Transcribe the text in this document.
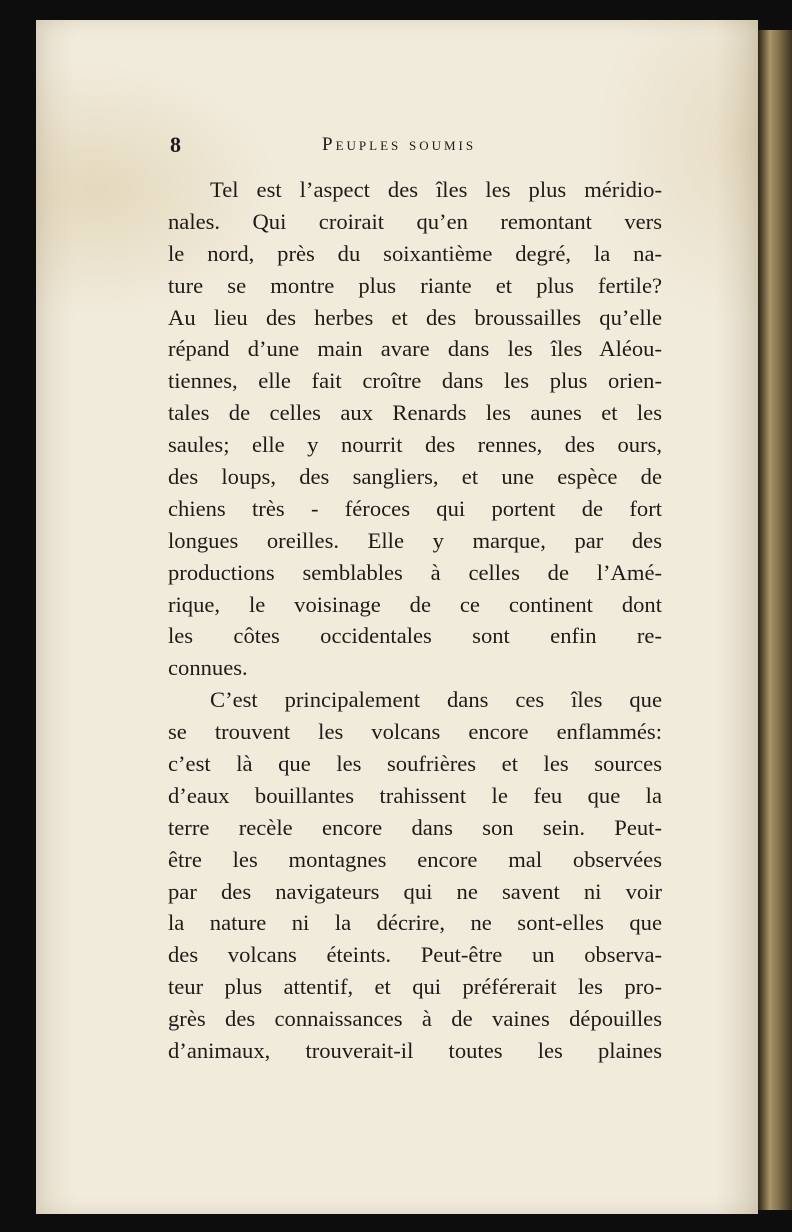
8	Peuples soumis
Tel est l’aspect des îles les plus méridio-
nales. Qui croirait qu’en remontant vers
le nord, près du soixantième degré, la na-
ture se montre plus riante et plus fertile?
Au lieu des herbes et des broussailles qu’elle
répand d’une main avare dans les îles Aléou-
tiennes, elle fait croître dans les plus orien-
tales de celles aux Renards les aunes et les
saules; elle y nourrit des rennes, des ours,
des loups, des sangliers, et une espèce de
chiens très - féroces qui portent de fort
longues oreilles. Elle y marque, par des
productions semblables à celles de l’Amé-
rique, le voisinage de ce continent dont
les côtes occidentales sont enfin re-
connues.
C’est principalement dans ces îles que
se trouvent les volcans encore enflammés:
c’est là que les soufrières et les sources
d’eaux bouillantes trahissent le feu que la
terre recèle encore dans son sein. Peut-
être les montagnes encore mal observées
par des navigateurs qui ne savent ni voir
la nature ni la décrire, ne sont-elles que
des volcans éteints. Peut-être un observa-
teur plus attentif, et qui préférerait les pro-
grès des connaissances à de vaines dépouilles
d’animaux, trouverait-il toutes les plaines
